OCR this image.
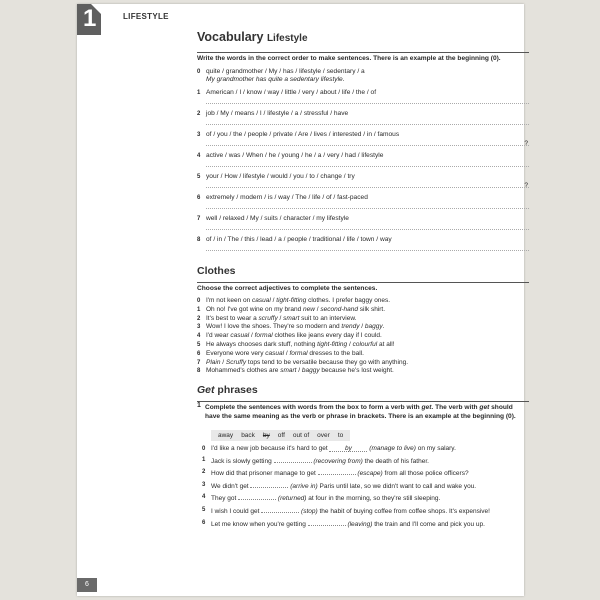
1	LIFESTYLE
Vocabulary Lifestyle
Write the words in the correct order to make sentences. There is an example at the beginning (0).
0 quite / grandmother / My / has / lifestyle / sedentary / a
My grandmother has quite a sedentary lifestyle.
1 American / I / know / way / little / very / about / life / the / of
2 job / My / means / I / lifestyle / a / stressful / have
3 of / you / the / people / private / Are / lives / interested / in / famous
?
4 active / was / When / he / young / he / a / very / had / lifestyle
5 your / How / lifestyle / would / you / to / change / try
?
6 extremely / modern / is / way / The / life / of / fast-paced
7 well / relaxed / My / suits / character / my lifestyle
8 of / in / The / this / lead / a / people / traditional / life / town / way
Clothes
Choose the correct adjectives to complete the sentences.
0 I'm not keen on casual / tight-fitting clothes. I prefer baggy ones.
1 Oh no! I've got wine on my brand new / second-hand silk shirt.
2 It's best to wear a scruffy / smart suit to an interview.
3 Wow! I love the shoes. They're so modern and trendy / baggy.
4 I'd wear casual / formal clothes like jeans every day if I could.
5 He always chooses dark stuff, nothing tight-fitting / colourful at all!
6 Everyone wore very casual / formal dresses to the ball.
7 Plain / Scruffy tops tend to be versatile because they go with anything.
8 Mohammed's clothes are smart / baggy because he's lost weight.
Get phrases
1 Complete the sentences with words from the box to form a verb with get. The verb with get should have the same meaning as the verb or phrase in brackets. There is an example at the beginning (0).
away back by off out of over to
0 I'd like a new job because it's hard to get by	(manage to live) on my salary.
1 Jack is slowly getting	(recovering from) the death of his father.
2 How did that prisoner manage to get	(escape) from all those police officers?
3 We didn't get	(arrive in) Paris until late, so we didn't want to call and wake you.
4 They got	(returned) at four in the morning, so they're still sleeping.
5 I wish I could get	(stop) the habit of buying coffee from coffee shops. It's expensive!
6 Let me know when you're getting	(leaving) the train and I'll come and pick you up.
6
